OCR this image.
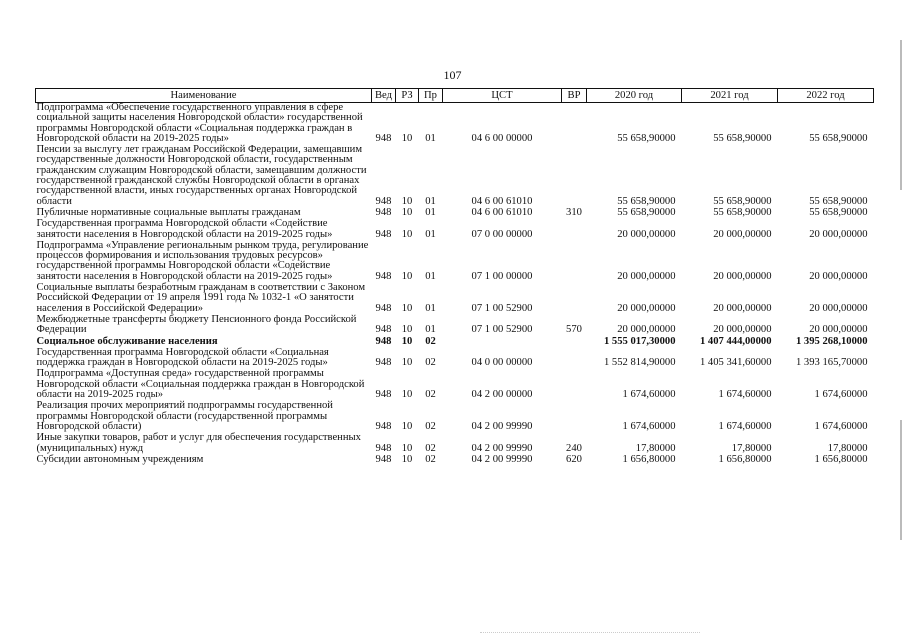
107
Наименование	Вед	РЗ	Пр	ЦСТ	ВР	2020 год	2021 год	2022 год
Подпрограмма «Обеспечение государственного управления в сфере социальной защиты населения Новгородской области» государственной программы Новгородской области «Социальная поддержка граждан в Новгородской области на 2019-2025 годы»	948	10	01	04 6 00 00000		55 658,90000	55 658,90000	55 658,90000
Пенсии за выслугу лет гражданам Российской Федерации, замещавшим государственные должности Новгородской области, государственным гражданским служащим Новгородской области, замещавшим должности государственной гражданской службы Новгородской области в органах государственной власти, иных государственных органах Новгородской области	948	10	01	04 6 00 61010		55 658,90000	55 658,90000	55 658,90000
Публичные нормативные социальные выплаты гражданам	948	10	01	04 6 00 61010	310	55 658,90000	55 658,90000	55 658,90000
Государственная программа Новгородской области «Содействие занятости населения в Новгородской области на 2019-2025 годы»	948	10	01	07 0 00 00000		20 000,00000	20 000,00000	20 000,00000
Подпрограмма «Управление региональным рынком труда, регулирование процессов формирования и использования трудовых ресурсов» государственной программы Новгородской области «Содействие занятости населения в Новгородской области на 2019-2025 годы»	948	10	01	07 1 00 00000		20 000,00000	20 000,00000	20 000,00000
Социальные выплаты безработным гражданам в соответствии с Законом Российской Федерации от 19 апреля 1991 года № 1032-1 «О занятости населения в Российской Федерации»	948	10	01	07 1 00 52900		20 000,00000	20 000,00000	20 000,00000
Межбюджетные трансферты бюджету Пенсионного фонда Российской Федерации	948	10	01	07 1 00 52900	570	20 000,00000	20 000,00000	20 000,00000
Социальное обслуживание населения	948	10	02			1 555 017,30000	1 407 444,00000	1 395 268,10000
Государственная программа Новгородской области «Социальная поддержка граждан в Новгородской области на 2019-2025 годы»	948	10	02	04 0 00 00000		1 552 814,90000	1 405 341,60000	1 393 165,70000
Подпрограмма «Доступная среда» государственной программы Новгородской области «Социальная поддержка граждан в Новгородской области на 2019-2025 годы»	948	10	02	04 2 00 00000		1 674,60000	1 674,60000	1 674,60000
Реализация прочих мероприятий подпрограммы государственной программы Новгородской области (государственной программы Новгородской области)	948	10	02	04 2 00 99990		1 674,60000	1 674,60000	1 674,60000
Иные закупки товаров, работ и услуг для обеспечения государственных (муниципальных) нужд	948	10	02	04 2 00 99990	240	17,80000	17,80000	17,80000
Субсидии автономным учреждениям	948	10	02	04 2 00 99990	620	1 656,80000	1 656,80000	1 656,80000
